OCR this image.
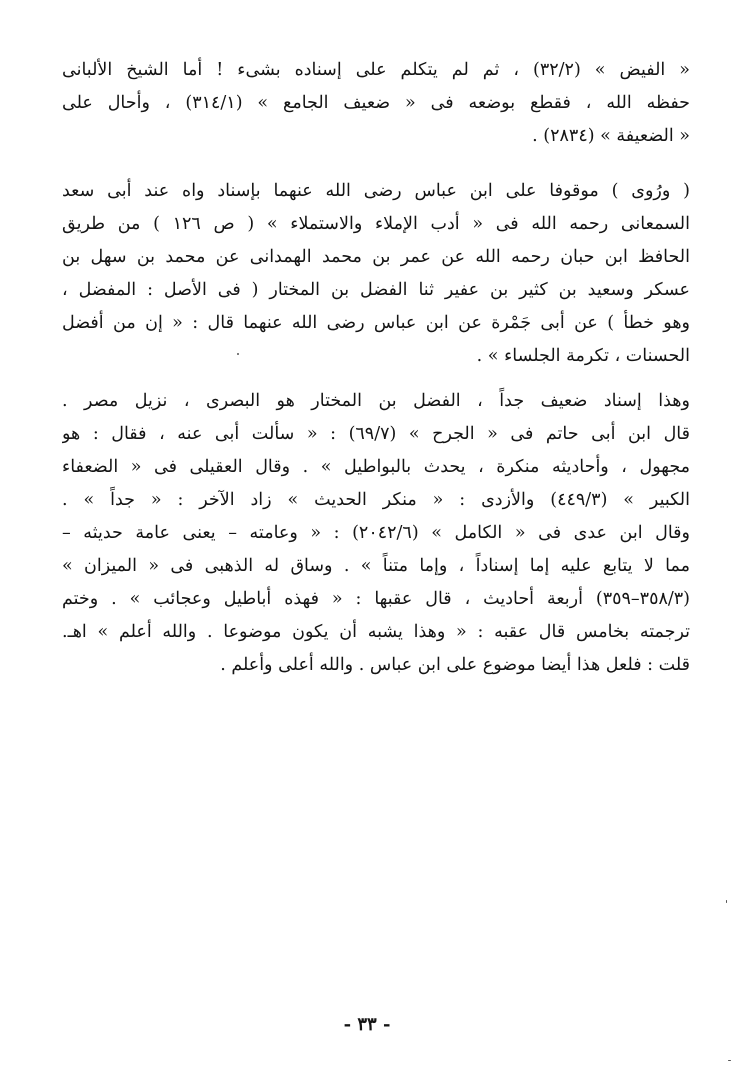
« الفيض » (٣٢/٢) ، ثم لم يتكلم على إسناده بشىء ! أما الشيخ الألبانى
حفظه الله ، فقطع بوضعه فى « ضعيف الجامع » (٣١٤/١) ، وأحال على
« الضعيفة » (٢٨٣٤) .
( ورُوى ) موقوفا على ابن عباس رضى الله عنهما بإسناد واه عند أبى سعد
السمعانى رحمه الله فى « أدب الإملاء والاستملاء » ( ص ١٢٦ ) من طريق
الحافظ ابن حبان رحمه الله عن عمر بن محمد الهمدانى عن محمد بن سهل بن
عسكر وسعيد بن كثير بن عفير ثنا الفضل بن المختار ( فى الأصل : المفضل ،
وهو خطأ ) عن أبى جَمْرة عن ابن عباس رضى الله عنهما قال : « إن من أفضل
الحسنات ، تكرمة الجلساء » .
وهذا إسناد ضعيف جداً ، الفضل بن المختار هو البصرى ، نزيل مصر .
قال ابن أبى حاتم فى « الجرح » (٦٩/٧) : « سألت أبى عنه ، فقال : هو
مجهول ، وأحاديثه منكرة ، يحدث بالبواطيل » . وقال العقيلى فى « الضعفاء
الكبير » (٤٤٩/٣) والأزدى : « منكر الحديث » زاد الآخر : « جداً » .
وقال ابن عدى فى « الكامل » (٢٠٤٢/٦) : « وعامته – يعنى عامة حديثه –
مما لا يتابع عليه إما إسناداً ، وإما متناً » . وساق له الذهبى فى « الميزان »
(٣٥٨/٣–٣٥٩) أربعة أحاديث ، قال عقبها : « فهذه أباطيل وعجائب » . وختم
ترجمته بخامس قال عقبه : « وهذا يشبه أن يكون موضوعا . والله أعلم » اهـ.
قلت : فلعل هذا أيضا موضوع على ابن عباس . والله أعلى وأعلم .
- ٣٣ -
